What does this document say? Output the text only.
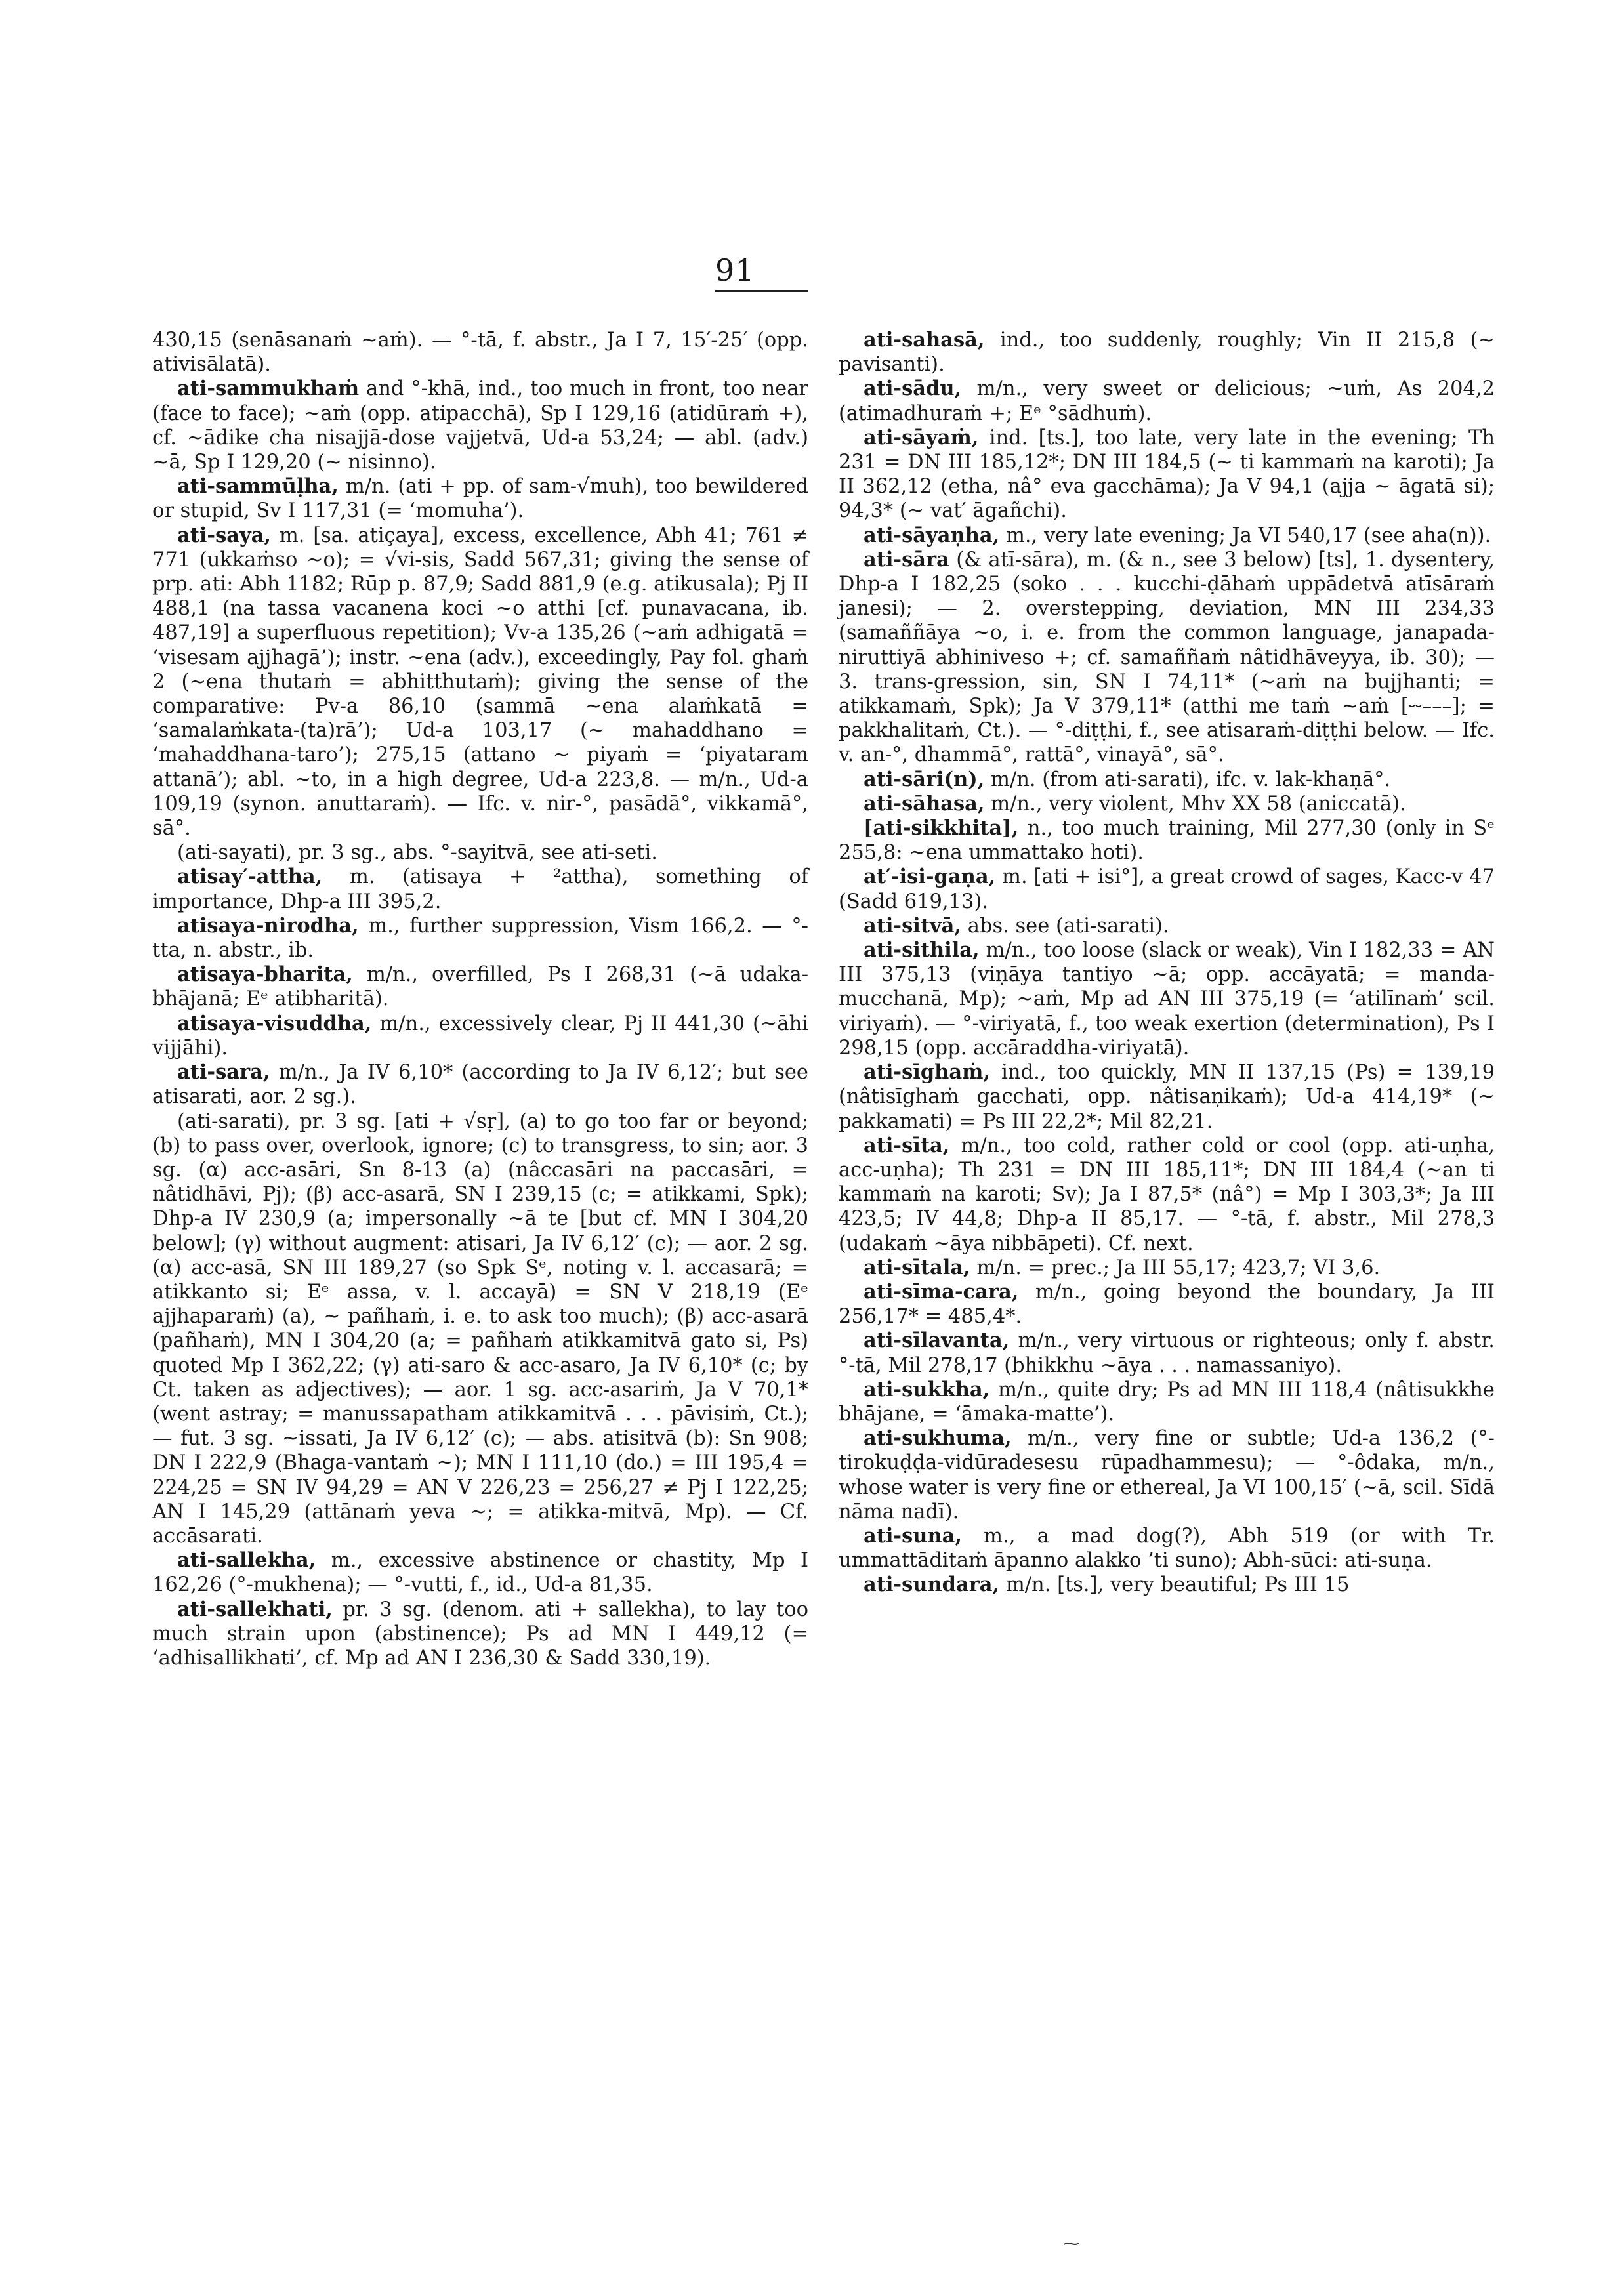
91

430,15 (senāsanaṁ ~aṁ). — °-tā, f. abstr., Ja I 7, 15′-25′ (opp. ativisālatā).

ati-sammukhaṁ and °-khā, ind., too much in front, too near (face to face); ~aṁ (opp. atipacchā), Sp I 129,16 (atidūraṁ +), cf. ~ādike cha nisajjā-dose vajjetvā, Ud-a 53,24; — abl. (adv.) ~ā, Sp I 129,20 (~ nisinno).

ati-sammūḷha, m/n. (ati + pp. of sam-√muh), too bewildered or stupid, Sv I 117,31 (= ‘momuha’).

ati-saya, m. [sa. atiçaya], excess, excellence, Abh 41; 761 ≠ 771 (ukkaṁso ~o); = √vi-sis, Sadd 567,31; giving the sense of prp. ati: Abh 1182; Rūp p. 87,9; Sadd 881,9 (e.g. atikusala); Pj II 488,1 (na tassa vacanena koci ~o atthi [cf. punavacana, ib. 487,19] a superfluous repetition); Vv-a 135,26 (~aṁ adhigatā = ‘visesam ajjhagā’); instr. ~ena (adv.), exceedingly, Pay fol. ghaṁ 2 (~ena thutaṁ = abhitthutaṁ); giving the sense of the comparative: Pv-a 86,10 (sammā ~ena alaṁkatā = ‘samalaṁkata-(ta)rā’); Ud-a 103,17 (~ mahaddhano = ‘mahaddhana-taro’); 275,15 (attano ~ piyaṁ = ‘piyataram attanā’); abl. ~to, in a high degree, Ud-a 223,8. — m/n., Ud-a 109,19 (synon. anuttaraṁ). — Ifc. v. nir-°, pasādā°, vikkamā°, sā°.

(ati-sayati), pr. 3 sg., abs. °-sayitvā, see ati-seti.

atisay′-attha, m. (atisaya + ²attha), something of importance, Dhp-a III 395,2.

atisaya-nirodha, m., further suppression, Vism 166,2. — °-tta, n. abstr., ib.

atisaya-bharita, m/n., overfilled, Ps I 268,31 (~ā udaka-bhājanā; Eᵉ atibharitā).

atisaya-visuddha, m/n., excessively clear, Pj II 441,30 (~āhi vijjāhi).

ati-sara, m/n., Ja IV 6,10* (according to Ja IV 6,12′; but see atisarati, aor. 2 sg.).

(ati-sarati), pr. 3 sg. [ati + √sṛ], (a) to go too far or beyond; (b) to pass over, overlook, ignore; (c) to transgress, to sin; aor. 3 sg. (α) acc-asāri, Sn 8-13 (a) (nâccasāri na paccasāri, = nâtidhāvi, Pj); (β) acc-asarā, SN I 239,15 (c; = atikkami, Spk); Dhp-a IV 230,9 (a; impersonally ~ā te [but cf. MN I 304,20 below]; (γ) without augment: atisari, Ja IV 6,12′ (c); — aor. 2 sg. (α) acc-asā, SN III 189,27 (so Spk Sᵉ, noting v. l. accasarā; = atikkanto si; Eᵉ assa, v. l. accayā) = SN V 218,19 (Eᵉ ajjhaparaṁ) (a), ~ pañhaṁ, i. e. to ask too much); (β) acc-asarā (pañhaṁ), MN I 304,20 (a; = pañhaṁ atikkamitvā gato si, Ps) quoted Mp I 362,22; (γ) ati-saro & acc-asaro, Ja IV 6,10* (c; by Ct. taken as adjectives); — aor. 1 sg. acc-asariṁ, Ja V 70,1* (went astray; = manussapatham atikkamitvā . . . pāvisiṁ, Ct.); — fut. 3 sg. ~issati, Ja IV 6,12′ (c); — abs. atisitvā (b): Sn 908; DN I 222,9 (Bhaga-vantaṁ ~); MN I 111,10 (do.) = III 195,4 = 224,25 = SN IV 94,29 = AN V 226,23 = 256,27 ≠ Pj I 122,25; AN I 145,29 (attānaṁ yeva ~; = atikka-mitvā, Mp). — Cf. accāsarati.

ati-sallekha, m., excessive abstinence or chastity, Mp I 162,26 (°-mukhena); — °-vutti, f., id., Ud-a 81,35.

ati-sallekhati, pr. 3 sg. (denom. ati + sallekha), to lay too much strain upon (abstinence); Ps ad MN I 449,12 (= ‘adhisallikhati’, cf. Mp ad AN I 236,30 & Sadd 330,19).

ati-sahasā, ind., too suddenly, roughly; Vin II 215,8 (~ pavisanti).

ati-sādu, m/n., very sweet or delicious; ~uṁ, As 204,2 (atimadhuraṁ +; Eᵉ °sādhuṁ).

ati-sāyaṁ, ind. [ts.], too late, very late in the evening; Th 231 = DN III 185,12*; DN III 184,5 (~ ti kammaṁ na karoti); Ja II 362,12 (etha, nâ° eva gacchāma); Ja V 94,1 (ajja ~ āgatā si); 94,3* (~ vat′ āgañchi).

ati-sāyaṇha, m., very late evening; Ja VI 540,17 (see aha(n)).

ati-sāra (& atī-sāra), m. (& n., see 3 below) [ts], 1. dysentery, Dhp-a I 182,25 (soko . . . kucchi-ḍāhaṁ uppādetvā atīsāraṁ janesi); — 2. overstepping, deviation, MN III 234,33 (samaññāya ~o, i. e. from the common language, janapada-niruttiyā abhiniveso +; cf. samaññaṁ nâtidhāveyya, ib. 30); — 3. trans-gression, sin, SN I 74,11* (~aṁ na bujjhanti; = atikkamaṁ, Spk); Ja V 379,11* (atthi me taṁ ~aṁ [⏑⏑–––]; = pakkhalitaṁ, Ct.). — °-diṭṭhi, f., see atisaraṁ-diṭṭhi below. — Ifc. v. an-°, dhammā°, rattā°, vinayā°, sā°.

ati-sāri(n), m/n. (from ati-sarati), ifc. v. lak-khaṇā°.

ati-sāhasa, m/n., very violent, Mhv XX 58 (aniccatā).

[ati-sikkhita], n., too much training, Mil 277,30 (only in Sᵉ 255,8: ~ena ummattako hoti).

at′-isi-gaṇa, m. [ati + isi°], a great crowd of sages, Kacc-v 47 (Sadd 619,13).

ati-sitvā, abs. see (ati-sarati).

ati-sithila, m/n., too loose (slack or weak), Vin I 182,33 = AN III 375,13 (viṇāya tantiyo ~ā; opp. accāyatā; = manda-mucchanā, Mp); ~aṁ, Mp ad AN III 375,19 (= ‘atilīnaṁ’ scil. viriyaṁ). — °-viriyatā, f., too weak exertion (determination), Ps I 298,15 (opp. accāraddha-viriyatā).

ati-sīghaṁ, ind., too quickly, MN II 137,15 (Ps) = 139,19 (nâtisīghaṁ gacchati, opp. nâtisaṇikaṁ); Ud-a 414,19* (~ pakkamati) = Ps III 22,2*; Mil 82,21.

ati-sīta, m/n., too cold, rather cold or cool (opp. ati-uṇha, acc-uṇha); Th 231 = DN III 185,11*; DN III 184,4 (~an ti kammaṁ na karoti; Sv); Ja I 87,5* (nâ°) = Mp I 303,3*; Ja III 423,5; IV 44,8; Dhp-a II 85,17. — °-tā, f. abstr., Mil 278,3 (udakaṁ ~āya nibbāpeti). Cf. next.

ati-sītala, m/n. = prec.; Ja III 55,17; 423,7; VI 3,6.

ati-sīma-cara, m/n., going beyond the boundary, Ja III 256,17* = 485,4*.

ati-sīlavanta, m/n., very virtuous or righteous; only f. abstr. °-tā, Mil 278,17 (bhikkhu ~āya . . . namassaniyo).

ati-sukkha, m/n., quite dry; Ps ad MN III 118,4 (nâtisukkhe bhājane, = ‘āmaka-matte’).

ati-sukhuma, m/n., very fine or subtle; Ud-a 136,2 (°-tirokuḍḍa-vidūradesesu rūpadhammesu); — °-ôdaka, m/n., whose water is very fine or ethereal, Ja VI 100,15′ (~ā, scil. Sīdā nāma nadī).

ati-suna, m., a mad dog(?), Abh 519 (or with Tr. ummattāditaṁ āpanno alakko ’ti suno); Abh-sūci: ati-suṇa.

ati-sundara, m/n. [ts.], very beautiful; Ps III 15

⁓
